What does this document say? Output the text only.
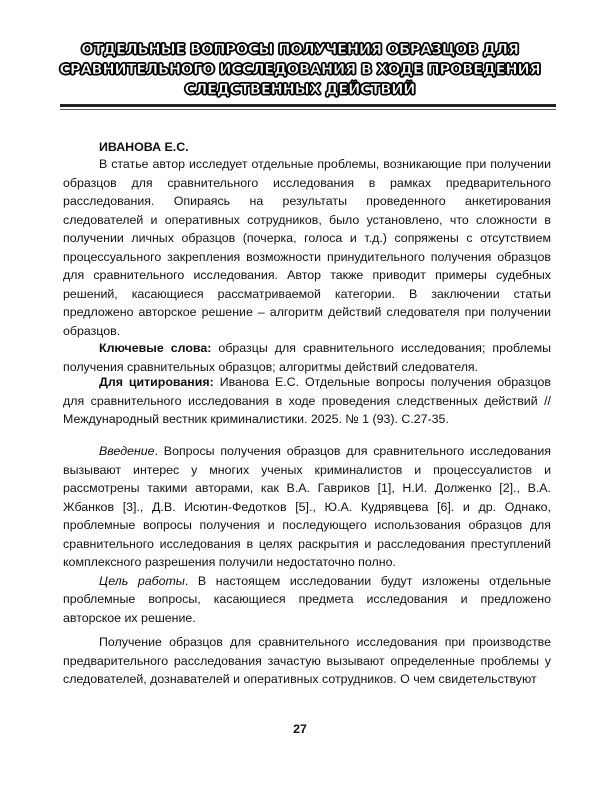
ОТДЕЛЬНЫЕ ВОПРОСЫ ПОЛУЧЕНИЯ ОБРАЗЦОВ ДЛЯ СРАВНИТЕЛЬНОГО ИССЛЕДОВАНИЯ В ХОДЕ ПРОВЕДЕНИЯ СЛЕДСТВЕННЫХ ДЕЙСТВИЙ
ИВАНОВА Е.С.

В статье автор исследует отдельные проблемы, возникающие при получении образцов для сравнительного исследования в рамках предварительного расследования. Опираясь на результаты проведенного анкетирования следователей и оперативных сотрудников, было установлено, что сложности в получении личных образцов (почерка, голоса и т.д.) сопряжены с отсутствием процессуального закрепления возможности принудительного получения образцов для сравнительного исследования. Автор также приводит примеры судебных решений, касающиеся рассматриваемой категории. В заключении статьи предложено авторское решение – алгоритм действий следователя при получении образцов.

Ключевые слова: образцы для сравнительного исследования; проблемы получения сравнительных образцов; алгоритмы действий следователя.

Для цитирования: Иванова Е.С. Отдельные вопросы получения образцов для сравнительного исследования в ходе проведения следственных действий // Международный вестник криминалистики. 2025. № 1 (93). С.27-35.

Введение. Вопросы получения образцов для сравнительного исследования вызывают интерес у многих ученых криминалистов и процессуалистов и рассмотрены такими авторами, как В.А. Гавриков [1], Н.И. Долженко [2]., В.А. Жбанков [3]., Д.В. Исютин-Федотков [5]., Ю.А. Кудрявцева [6]. и др. Однако, проблемные вопросы получения и последующего использования образцов для сравнительного исследования в целях раскрытия и расследования преступлений комплексного разрешения получили недостаточно полно.

Цель работы. В настоящем исследовании будут изложены отдельные проблемные вопросы, касающиеся предмета исследования и предложено авторское их решение.

Получение образцов для сравнительного исследования при производстве предварительного расследования зачастую вызывают определенные проблемы у следователей, дознавателей и оперативных сотрудников. О чем свидетельствуют

27
